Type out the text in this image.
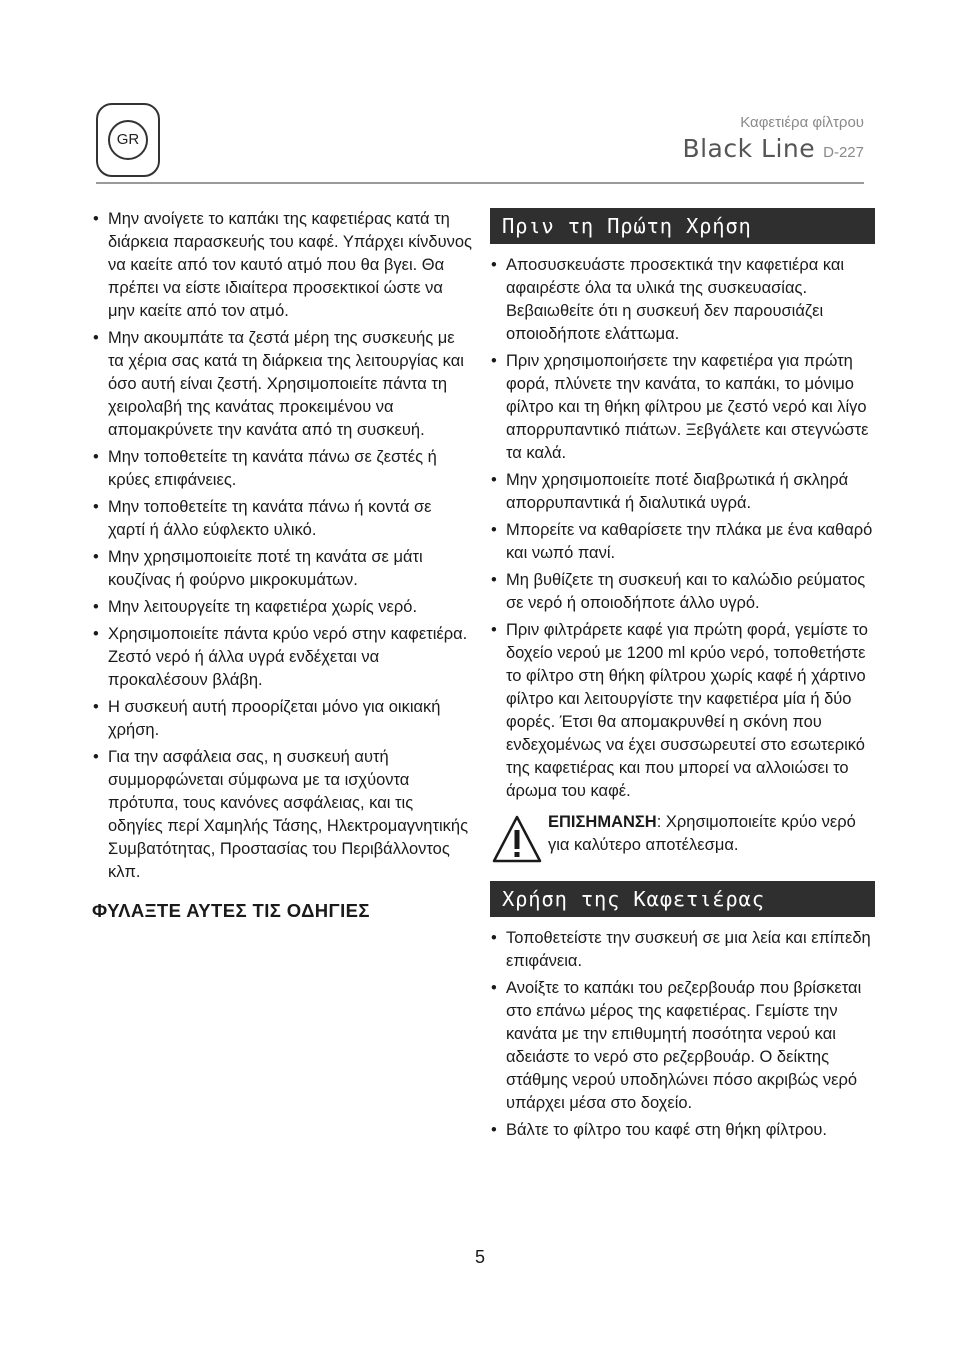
GR
Καφετιέρα φίλτρου
Black Line D-227
• Μην ανοίγετε το καπάκι της καφετιέρας κατά τη διάρκεια παρασκευής του καφέ. Υπάρχει κίνδυνος να καείτε από τον καυτό ατμό που θα βγει. Θα πρέπει να είστε ιδιαίτερα προσεκτικοί ώστε να μην καείτε από τον ατμό.
• Μην ακουμπάτε τα ζεστά μέρη της συσκευής με τα χέρια σας κατά τη διάρκεια της λειτουργίας και όσο αυτή είναι ζεστή. Χρησιμοποιείτε πάντα τη χειρολαβή της κανάτας προκειμένου να απομακρύνετε την κανάτα από τη συσκευή.
• Μην τοποθετείτε τη κανάτα πάνω σε ζεστές ή κρύες επιφάνειες.
• Μην τοποθετείτε τη κανάτα πάνω ή κοντά σε χαρτί ή άλλο εύφλεκτο υλικό.
• Μην χρησιμοποιείτε ποτέ τη κανάτα σε μάτι κουζίνας ή φούρνο μικροκυμάτων.
• Μην λειτουργείτε τη καφετιέρα χωρίς νερό.
• Χρησιμοποιείτε πάντα κρύο νερό στην καφετιέρα. Ζεστό νερό ή άλλα υγρά ενδέχεται να προκαλέσουν βλάβη.
• Η συσκευή αυτή προορίζεται μόνο για οικιακή χρήση.
• Για την ασφάλεια σας, η συσκευή αυτή συμμορφώνεται σύμφωνα με τα ισχύοντα πρότυπα, τους κανόνες ασφάλειας, και τις οδηγίες περί Χαμηλής Τάσης, Ηλεκτρομαγνητικής Συμβατότητας, Προστασίας του Περιβάλλοντος κλπ.
ΦΥΛΑΞΤΕ ΑΥΤΕΣ ΤΙΣ ΟΔΗΓΙΕΣ
Πριν τη Πρώτη Χρήση
• Αποσυσκευάστε προσεκτικά την καφετιέρα και αφαιρέστε όλα τα υλικά της συσκευασίας. Βεβαιωθείτε ότι η συσκευή δεν παρουσιάζει οποιοδήποτε ελάττωμα.
• Πριν χρησιμοποιήσετε την καφετιέρα για πρώτη φορά, πλύνετε την κανάτα, το καπάκι, το μόνιμο φίλτρο και τη θήκη φίλτρου με ζεστό νερό και λίγο απορρυπαντικό πιάτων. Ξεβγάλετε και στεγνώστε τα καλά.
• Μην χρησιμοποιείτε ποτέ διαβρωτικά ή σκληρά απορρυπαντικά ή διαλυτικά υγρά.
• Μπορείτε να καθαρίσετε την πλάκα με ένα καθαρό και νωπό πανί.
• Μη βυθίζετε τη συσκευή και το καλώδιο ρεύματος σε νερό ή οποιοδήποτε άλλο υγρό.
• Πριν φιλτράρετε καφέ για πρώτη φορά, γεμίστε το δοχείο νερού με 1200 ml κρύο νερό, τοποθετήστε το φίλτρο στη θήκη φίλτρου χωρίς καφέ ή χάρτινο φίλτρο και λειτουργίστε την καφετιέρα μία ή δύο φορές. Έτσι θα απομακρυνθεί η σκόνη που ενδεχομένως να έχει συσσωρευτεί στο εσωτερικό της καφετιέρας και που μπορεί να αλλοιώσει το άρωμα του καφέ.
ΕΠΙΣΗΜΑΝΣΗ: Χρησιμοποιείτε κρύο νερό για καλύτερο αποτέλεσμα.
Χρήση της Καφετιέρας
• Τοποθετείστε την συσκευή σε μια λεία και επίπεδη επιφάνεια.
• Ανοίξτε το καπάκι του ρεζερβουάρ που βρίσκεται στο επάνω μέρος της καφετιέρας. Γεμίστε την κανάτα με την επιθυμητή ποσότητα νερού και αδειάστε το νερό στο ρεζερβουάρ. Ο δείκτης στάθμης νερού υποδηλώνει πόσο ακριβώς νερό υπάρχει μέσα στο δοχείο.
• Βάλτε το φίλτρο του καφέ στη θήκη φίλτρου.
5
